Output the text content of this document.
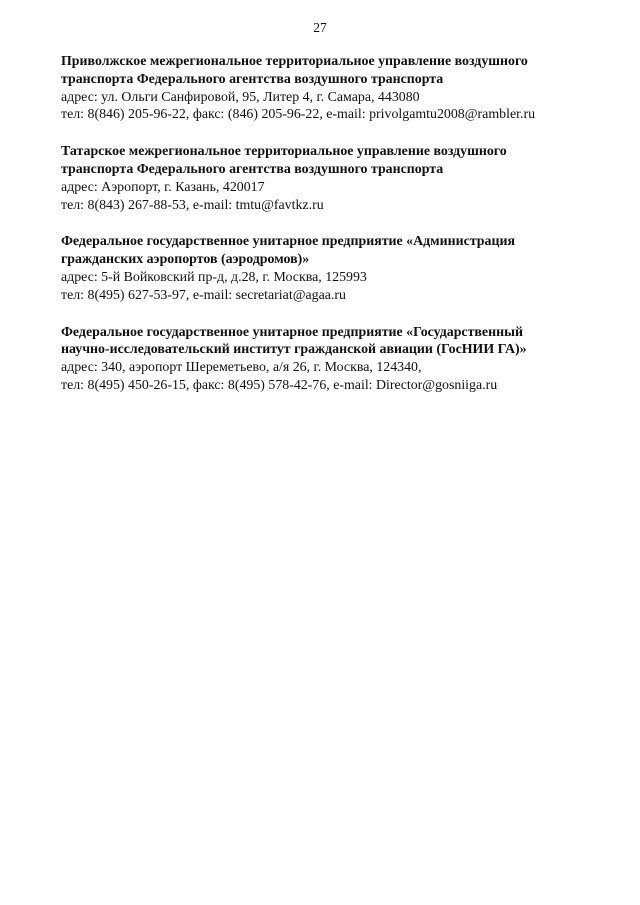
27
Приволжское межрегиональное территориальное управление воздушного
транспорта Федерального агентства воздушного транспорта
адрес: ул. Ольги Санфировой, 95, Литер 4, г. Самара, 443080
тел: 8(846) 205-96-22, факс: (846) 205-96-22, e-mail: privolgamtu2008@rambler.ru
Татарское межрегиональное территориальное управление воздушного
транспорта Федерального агентства воздушного транспорта
адрес: Аэропорт, г. Казань, 420017
тел: 8(843) 267-88-53, e-mail: tmtu@favtkz.ru
Федеральное государственное унитарное предприятие «Администрация
гражданских аэропортов (аэродромов)»
адрес: 5-й Войковский пр-д, д.28, г. Москва, 125993
тел: 8(495) 627-53-97, e-mail: secretariat@agaa.ru
Федеральное государственное унитарное предприятие «Государственный
научно-исследовательский институт гражданской авиации (ГосНИИ ГА)»
адрес: 340, аэропорт Шереметьево, а/я 26, г. Москва, 124340,
тел: 8(495) 450-26-15, факс: 8(495) 578-42-76, e-mail: Director@gosniiga.ru
